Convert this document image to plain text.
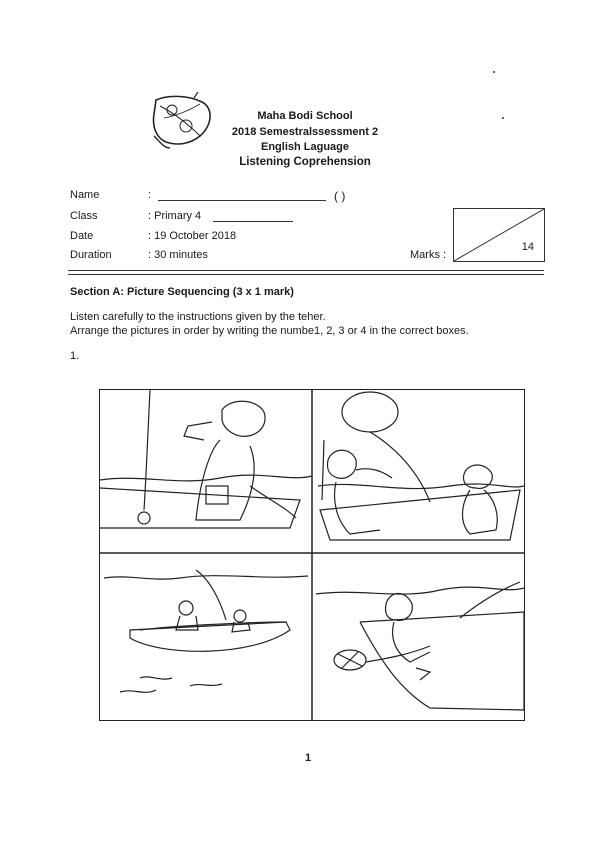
Maha Bodi School
2018 Semestralssessment 2
English Laguage
Listening Coprehension
Name	:	( )
Class	: Primary 4
Date	: 19 October 2018
Duration	: 30 minutes	Marks :
14
Section A: Picture Sequencing (3 x 1 mark)
Listen carefully to the instructions given by the teher.
Arrange the pictures in order by writing the numbe1, 2, 3 or 4 in the correct boxes.
1.
1
